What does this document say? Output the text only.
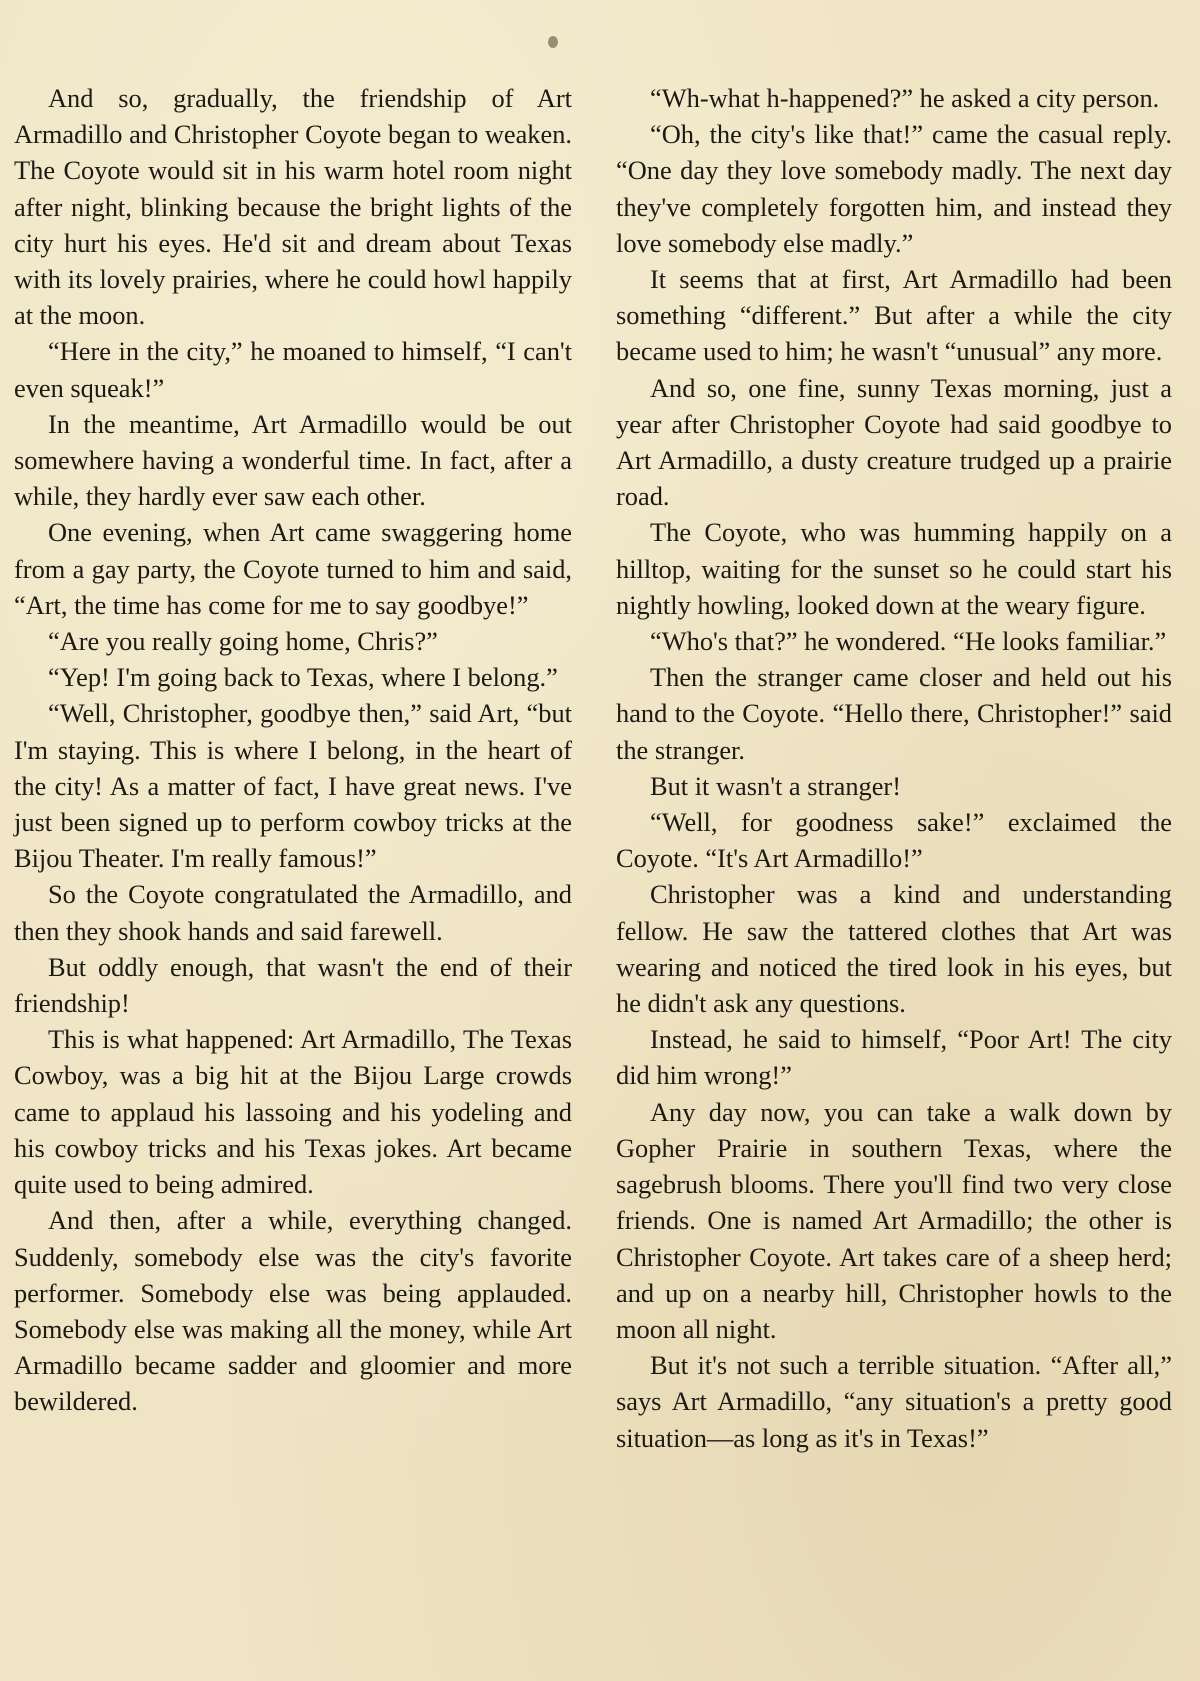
And so, gradually, the friendship of Art Armadillo and Christopher Coyote began to weaken. The Coyote would sit in his warm hotel room night after night, blinking because the bright lights of the city hurt his eyes. He'd sit and dream about Texas with its lovely prairies, where he could howl happily at the moon.

“Here in the city,” he moaned to himself, “I can't even squeak!”

In the meantime, Art Armadillo would be out somewhere having a wonderful time. In fact, after a while, they hardly ever saw each other.

One evening, when Art came swaggering home from a gay party, the Coyote turned to him and said, “Art, the time has come for me to say goodbye!”

“Are you really going home, Chris?”

“Yep! I'm going back to Texas, where I belong.”

“Well, Christopher, goodbye then,” said Art, “but I'm staying. This is where I belong, in the heart of the city! As a matter of fact, I have great news. I've just been signed up to perform cowboy tricks at the Bijou Theater. I'm really famous!”

So the Coyote congratulated the Armadillo, and then they shook hands and said farewell.

But oddly enough, that wasn't the end of their friendship!

This is what happened: Art Armadillo, The Texas Cowboy, was a big hit at the Bijou Large crowds came to applaud his lassoing and his yodeling and his cowboy tricks and his Texas jokes. Art became quite used to being admired.

And then, after a while, everything changed. Suddenly, somebody else was the city's favorite performer. Somebody else was being applauded. Somebody else was making all the money, while Art Armadillo became sadder and gloomier and more bewildered.

“Wh-what h-happened?” he asked a city person.

“Oh, the city's like that!” came the casual reply. “One day they love somebody madly. The next day they've completely forgotten him, and instead they love somebody else madly.”

It seems that at first, Art Armadillo had been something “different.” But after a while the city became used to him; he wasn't “unusual” any more.

And so, one fine, sunny Texas morning, just a year after Christopher Coyote had said goodbye to Art Armadillo, a dusty creature trudged up a prairie road.

The Coyote, who was humming happily on a hilltop, waiting for the sunset so he could start his nightly howling, looked down at the weary figure.

“Who's that?” he wondered. “He looks familiar.”

Then the stranger came closer and held out his hand to the Coyote. “Hello there, Christopher!” said the stranger.

But it wasn't a stranger!

“Well, for goodness sake!” exclaimed the Coyote. “It's Art Armadillo!”

Christopher was a kind and understanding fellow. He saw the tattered clothes that Art was wearing and noticed the tired look in his eyes, but he didn't ask any questions.

Instead, he said to himself, “Poor Art! The city did him wrong!”

Any day now, you can take a walk down by Gopher Prairie in southern Texas, where the sagebrush blooms. There you'll find two very close friends. One is named Art Armadillo; the other is Christopher Coyote. Art takes care of a sheep herd; and up on a nearby hill, Christopher howls to the moon all night.

But it's not such a terrible situation. “After all,” says Art Armadillo, “any situation's a pretty good situation—as long as it's in Texas!”
